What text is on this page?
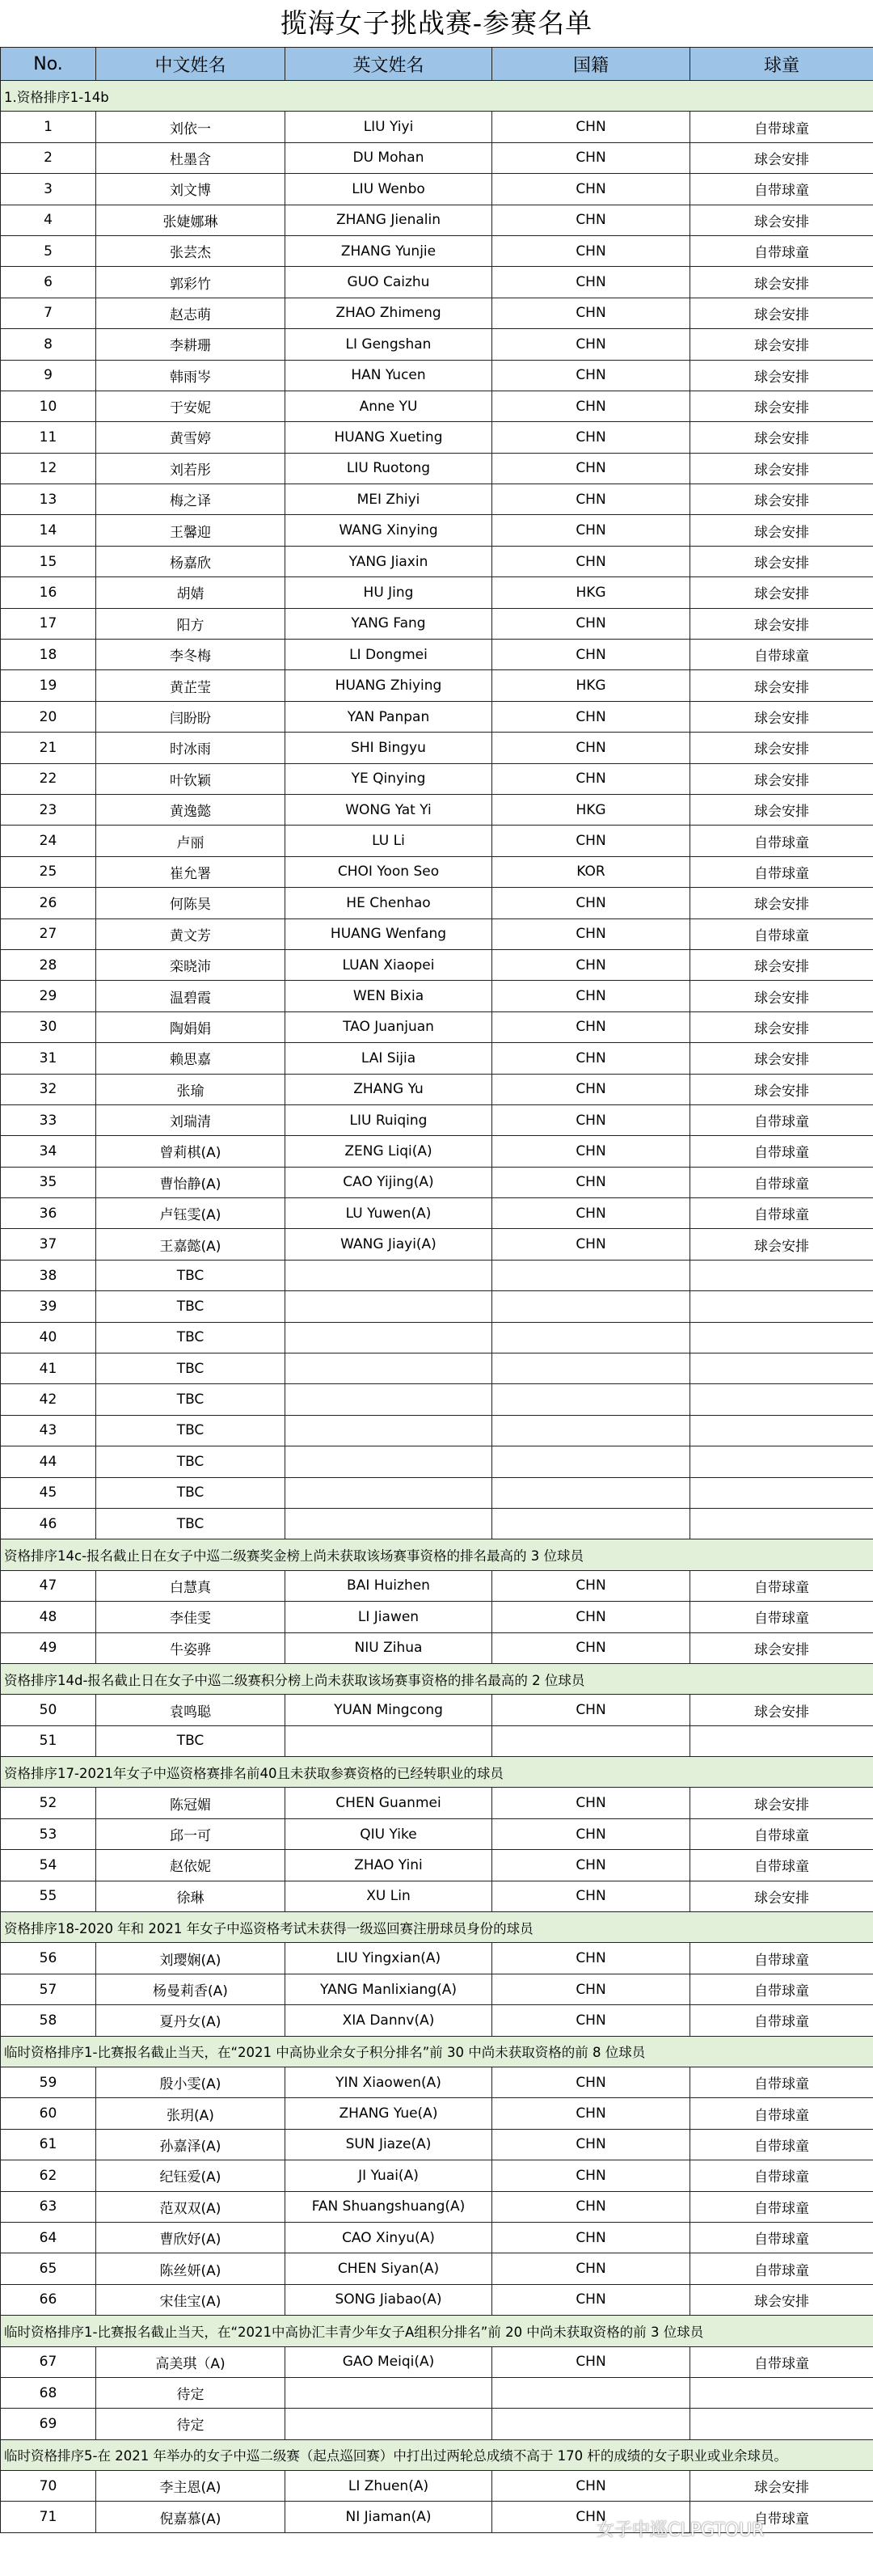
揽海女子挑战赛-参赛名单
No.	中文姓名	英文姓名	国籍	球童
1.资格排序1-14b				
1	刘依一	LIU Yiyi	CHN	自带球童
2	杜墨含	DU Mohan	CHN	球会安排
3	刘文博	LIU Wenbo	CHN	自带球童
4	张婕娜琳	ZHANG Jienalin	CHN	球会安排
5	张芸杰	ZHANG Yunjie	CHN	自带球童
6	郭彩竹	GUO Caizhu	CHN	球会安排
7	赵志萌	ZHAO Zhimeng	CHN	球会安排
8	李耕珊	LI Gengshan	CHN	球会安排
9	韩雨岑	HAN Yucen	CHN	球会安排
10	于安妮	Anne YU	CHN	球会安排
11	黄雪婷	HUANG Xueting	CHN	球会安排
12	刘若彤	LIU Ruotong	CHN	球会安排
13	梅之译	MEI Zhiyi	CHN	球会安排
14	王馨迎	WANG Xinying	CHN	球会安排
15	杨嘉欣	YANG Jiaxin	CHN	球会安排
16	胡婧	HU Jing	HKG	球会安排
17	阳方	YANG Fang	CHN	球会安排
18	李冬梅	LI Dongmei	CHN	自带球童
19	黄芷莹	HUANG Zhiying	HKG	球会安排
20	闫盼盼	YAN Panpan	CHN	球会安排
21	时冰雨	SHI Bingyu	CHN	球会安排
22	叶钦颖	YE Qinying	CHN	球会安排
23	黄逸懿	WONG Yat Yi	HKG	球会安排
24	卢丽	LU Li	CHN	自带球童
25	崔允署	CHOI Yoon Seo	KOR	自带球童
26	何陈昊	HE Chenhao	CHN	球会安排
27	黄文芳	HUANG Wenfang	CHN	自带球童
28	栾晓沛	LUAN Xiaopei	CHN	球会安排
29	温碧霞	WEN Bixia	CHN	球会安排
30	陶娟娟	TAO Juanjuan	CHN	球会安排
31	赖思嘉	LAI Sijia	CHN	球会安排
32	张瑜	ZHANG Yu	CHN	球会安排
33	刘瑞清	LIU Ruiqing	CHN	自带球童
34	曾莉棋(A)	ZENG Liqi(A)	CHN	自带球童
35	曹怡静(A)	CAO Yijing(A)	CHN	自带球童
36	卢钰雯(A)	LU Yuwen(A)	CHN	自带球童
37	王嘉懿(A)	WANG Jiayi(A)	CHN	球会安排
38	TBC			
39	TBC			
40	TBC			
41	TBC			
42	TBC			
43	TBC			
44	TBC			
45	TBC			
46	TBC			
资格排序14c-报名截止日在女子中巡二级赛奖金榜上尚未获取该场赛事资格的排名最高的 3 位球员				
47	白慧真	BAI Huizhen	CHN	自带球童
48	李佳雯	LI Jiawen	CHN	自带球童
49	牛姿骅	NIU Zihua	CHN	球会安排
资格排序14d-报名截止日在女子中巡二级赛积分榜上尚未获取该场赛事资格的排名最高的 2 位球员				
50	袁鸣聪	YUAN Mingcong	CHN	球会安排
51	TBC			
资格排序17-2021年女子中巡资格赛排名前40且未获取参赛资格的已经转职业的球员				
52	陈冠媚	CHEN Guanmei	CHN	球会安排
53	邱一可	QIU Yike	CHN	自带球童
54	赵依妮	ZHAO Yini	CHN	自带球童
55	徐琳	XU Lin	CHN	球会安排
资格排序18-2020 年和 2021 年女子中巡资格考试未获得一级巡回赛注册球员身份的球员				
56	刘璎娴(A)	LIU Yingxian(A)	CHN	自带球童
57	杨曼莉香(A)	YANG Manlixiang(A)	CHN	自带球童
58	夏丹女(A)	XIA Dannv(A)	CHN	自带球童
临时资格排序1-比赛报名截止当天，在“2021 中高协业余女子积分排名”前 30 中尚未获取资格的前 8 位球员				
59	殷小雯(A)	YIN Xiaowen(A)	CHN	自带球童
60	张玥(A)	ZHANG Yue(A)	CHN	自带球童
61	孙嘉泽(A)	SUN Jiaze(A)	CHN	自带球童
62	纪钰爱(A)	JI Yuai(A)	CHN	自带球童
63	范双双(A)	FAN Shuangshuang(A)	CHN	自带球童
64	曹欣妤(A)	CAO Xinyu(A)	CHN	自带球童
65	陈丝妍(A)	CHEN Siyan(A)	CHN	自带球童
66	宋佳宝(A)	SONG Jiabao(A)	CHN	球会安排
临时资格排序1-比赛报名截止当天，在“2021中高协汇丰青少年女子A组积分排名”前 20 中尚未获取资格的前 3 位球员				
67	高美琪（A)	GAO Meiqi(A)	CHN	自带球童
68	待定			
69	待定			
临时资格排序5-在 2021 年举办的女子中巡二级赛（起点巡回赛）中打出过两轮总成绩不高于 170 杆的成绩的女子职业或业余球员。				
70	李主恩(A)	LI Zhuen(A)	CHN	球会安排
71	倪嘉慕(A)	NI Jiaman(A)	CHN	自带球童
女子中巡CLPGTOUR
